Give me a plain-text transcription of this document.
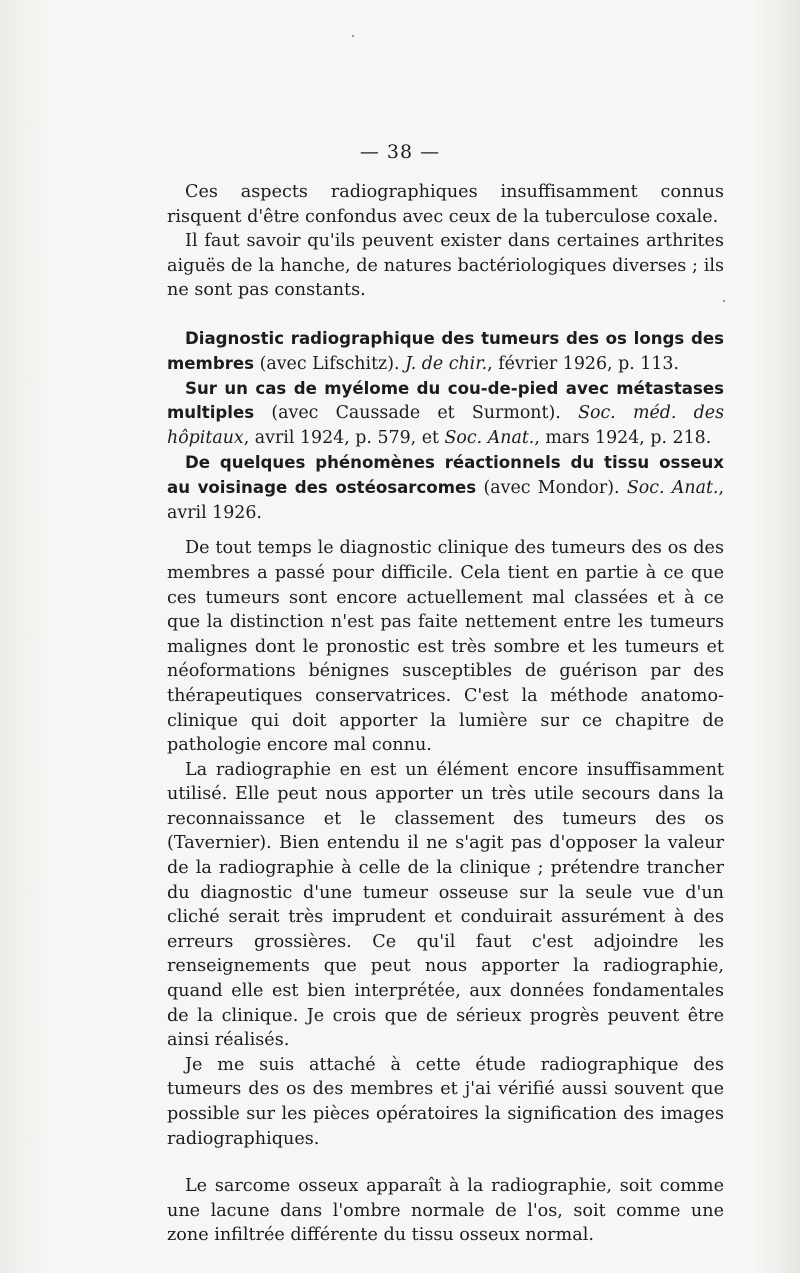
— 38 —

Ces aspects radiographiques insuffisamment connus risquent d'être confondus avec ceux de la tuberculose coxale.

Il faut savoir qu'ils peuvent exister dans certaines arthrites aiguës de la hanche, de natures bactériologiques diverses ; ils ne sont pas constants.

Diagnostic radiographique des tumeurs des os longs des membres (avec Lifschitz). J. de chir., février 1926, p. 113.

Sur un cas de myélome du cou-de-pied avec métastases multiples (avec Caussade et Surmont). Soc. méd. des hôpitaux, avril 1924, p. 579, et Soc. Anat., mars 1924, p. 218.

De quelques phénomènes réactionnels du tissu osseux au voisinage des ostéosarcomes (avec Mondor). Soc. Anat., avril 1926.

De tout temps le diagnostic clinique des tumeurs des os des membres a passé pour difficile. Cela tient en partie à ce que ces tumeurs sont encore actuellement mal classées et à ce que la distinction n'est pas faite nettement entre les tumeurs malignes dont le pronostic est très sombre et les tumeurs et néoformations bénignes susceptibles de guérison par des thérapeutiques conservatrices. C'est la méthode anatomo-clinique qui doit apporter la lumière sur ce chapitre de pathologie encore mal connu.

La radiographie en est un élément encore insuffisamment utilisé. Elle peut nous apporter un très utile secours dans la reconnaissance et le classement des tumeurs des os (Tavernier). Bien entendu il ne s'agit pas d'opposer la valeur de la radiographie à celle de la clinique ; prétendre trancher du diagnostic d'une tumeur osseuse sur la seule vue d'un cliché serait très imprudent et conduirait assurément à des erreurs grossières. Ce qu'il faut c'est adjoindre les renseignements que peut nous apporter la radiographie, quand elle est bien interprétée, aux données fondamentales de la clinique. Je crois que de sérieux progrès peuvent être ainsi réalisés.

Je me suis attaché à cette étude radiographique des tumeurs des os des membres et j'ai vérifié aussi souvent que possible sur les pièces opératoires la signification des images radiographiques.

Le sarcome osseux apparaît à la radiographie, soit comme une lacune dans l'ombre normale de l'os, soit comme une zone infiltrée différente du tissu osseux normal.
